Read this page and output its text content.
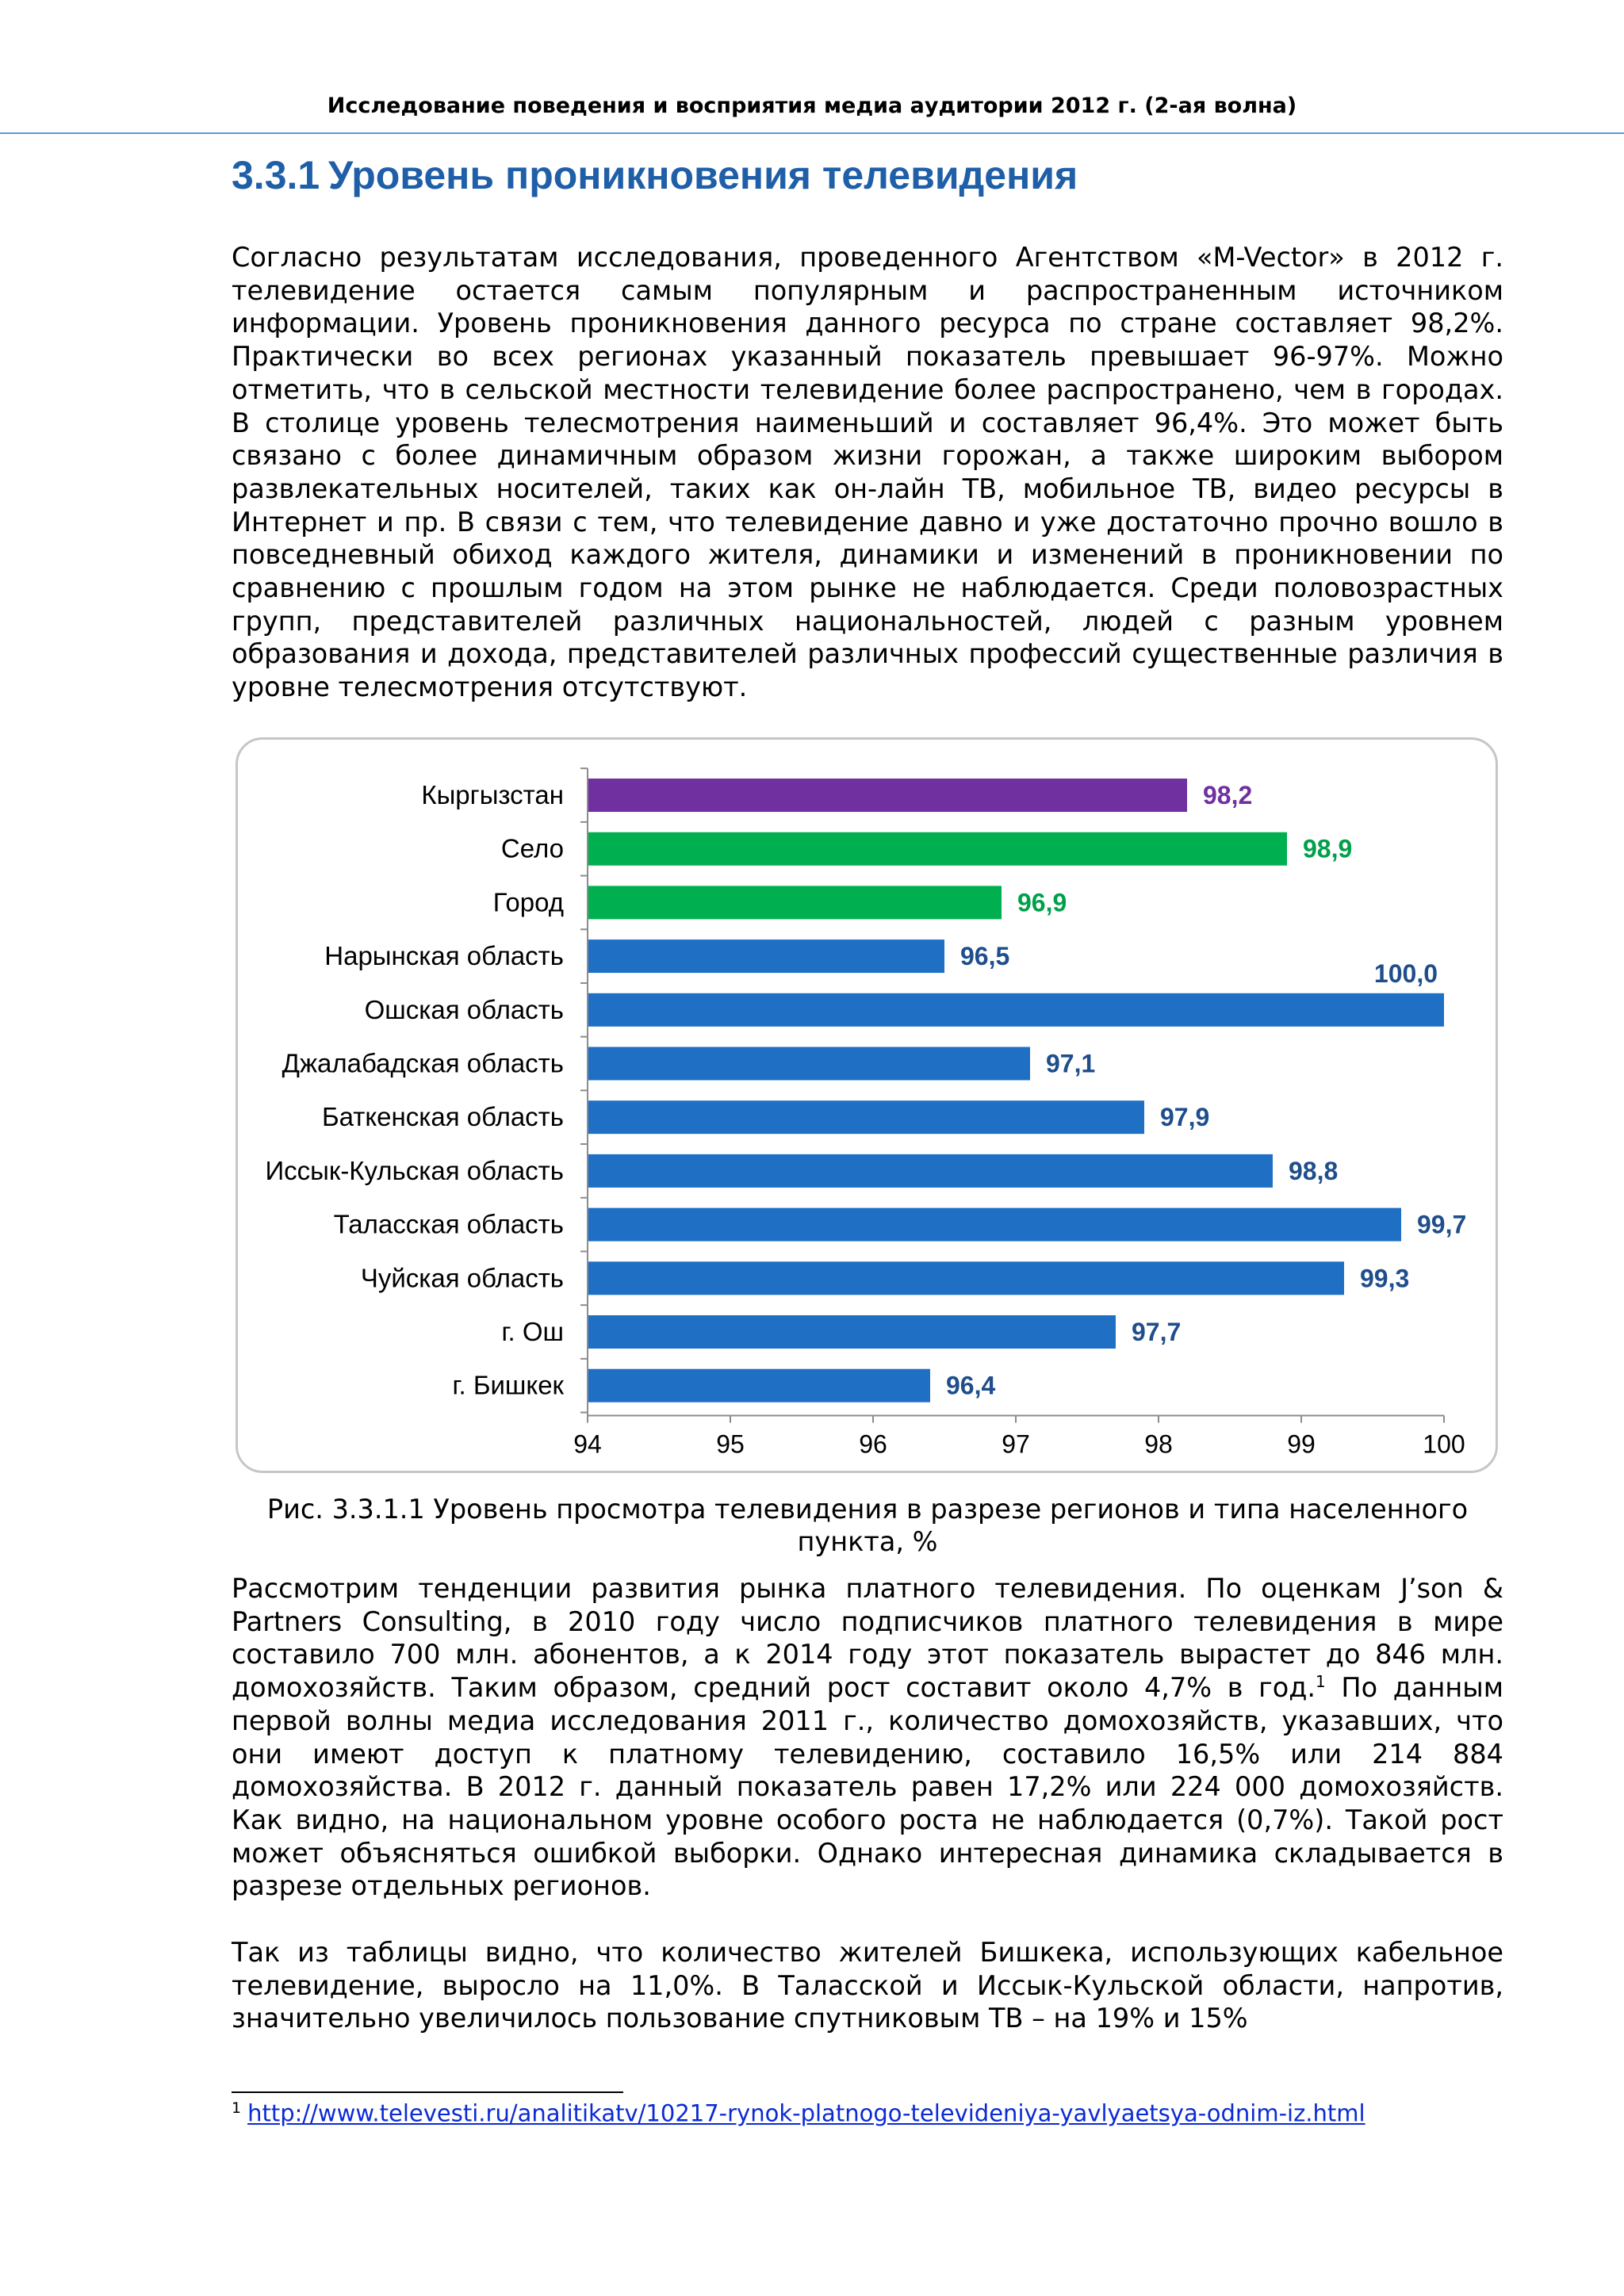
Исследование поведения и восприятия медиа аудитории 2012 г. (2-ая волна)
3.3.1 Уровень проникновения телевидения

Согласно результатам исследования, проведенного Агентством «M-Vector» в 2012 г. телевидение остается самым популярным и распространенным источником информации. Уровень проникновения данного ресурса по стране составляет 98,2%. Практически во всех регионах указанный показатель превышает 96-97%. Можно отметить, что в сельской местности телевидение более распространено, чем в городах. В столице уровень телесмотрения наименьший и составляет 96,4%. Это может быть связано с более динамичным образом жизни горожан, а также широким выбором развлекательных носителей, таких как он-лайн ТВ, мобильное ТВ, видео ресурсы в Интернет и пр. В связи с тем, что телевидение давно и уже достаточно прочно вошло в повседневный обиход каждого жителя, динамики и изменений в проникновении по сравнению с прошлым годом на этом рынке не наблюдается. Среди половозрастных групп, представителей различных национальностей, людей с разным уровнем образования и дохода, представителей различных профессий существенные различия в уровне телесмотрения отсутствуют.

Кыргызстан	98,2
Село	98,9
Город	96,9
Нарынская область	96,5
Ошская область
100,0
Джалабадская область	97,1
Баткенская область	97,9
Иссык-Кульская область	98,8
Таласская область	99,7
Чуйская область	99,3
г. Ош	97,7
г. Бишкек	96,4
94	95	96	97	98	99	100

Рис. 3.3.1.1 Уровень просмотра телевидения в разрезе регионов и типа населенного пункта, %

Рассмотрим тенденции развития рынка платного телевидения. По оценкам J’son & Partners Consulting, в 2010 году число подписчиков платного телевидения в мире составило 700 млн. абонентов, а к 2014 году этот показатель вырастет до 846 млн. домохозяйств. Таким образом, средний рост составит около 4,7% в год.$^1$ По данным первой волны медиа исследования 2011 г., количество домохозяйств, указавших, что они имеют доступ к платному телевидению, составило 16,5% или 214 884 домохозяйства. В 2012 г. данный показатель равен 17,2% или 224 000 домохозяйств. Как видно, на национальном уровне особого роста не наблюдается (0,7%). Такой рост может объясняться ошибкой выборки. Однако интересная динамика складывается в разрезе отдельных регионов.

Так из таблицы видно, что количество жителей Бишкека, использующих кабельное телевидение, выросло на 11,0%. В Таласской и Иссык-Кульской области, напротив, значительно увеличилось пользование спутниковым ТВ – на 19% и 15%

$^1$ http://www.televesti.ru/analitikatv/10217-rynok-platnogo-televideniya-yavlyaetsya-odnim-iz.html
